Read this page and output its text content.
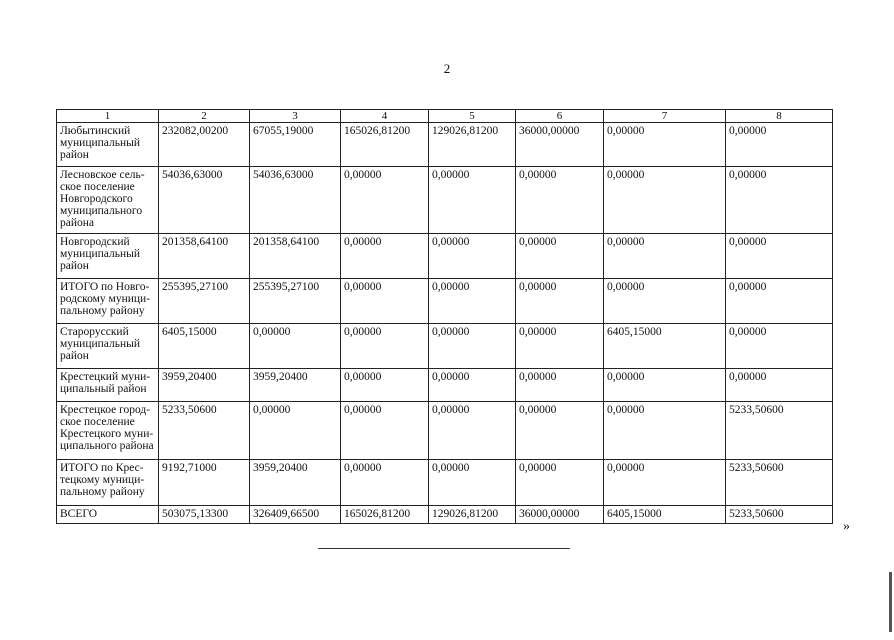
2
1	2	3	4	5	6	7	8
Любытинский муниципальный район	232082,00200	67055,19000	165026,81200	129026,81200	36000,00000	0,00000	0,00000
Лесновское сель-ское поселение Новгородского муниципального района	54036,63000	54036,63000	0,00000	0,00000	0,00000	0,00000	0,00000
Новгородский муниципальный район	201358,64100	201358,64100	0,00000	0,00000	0,00000	0,00000	0,00000
ИТОГО по Новго-родскому муници-пальному району	255395,27100	255395,27100	0,00000	0,00000	0,00000	0,00000	0,00000
Старорусский муниципальный район	6405,15000	0,00000	0,00000	0,00000	0,00000	6405,15000	0,00000
Крестецкий муни-ципальный район	3959,20400	3959,20400	0,00000	0,00000	0,00000	0,00000	0,00000
Крестецкое город-ское поселение Крестецкого муни-ципального района	5233,50600	0,00000	0,00000	0,00000	0,00000	0,00000	5233,50600
ИТОГО по Крес-тецкому муници-пальному району	9192,71000	3959,20400	0,00000	0,00000	0,00000	0,00000	5233,50600
ВСЕГО	503075,13300	326409,66500	165026,81200	129026,81200	36000,00000	6405,15000	5233,50600
»
